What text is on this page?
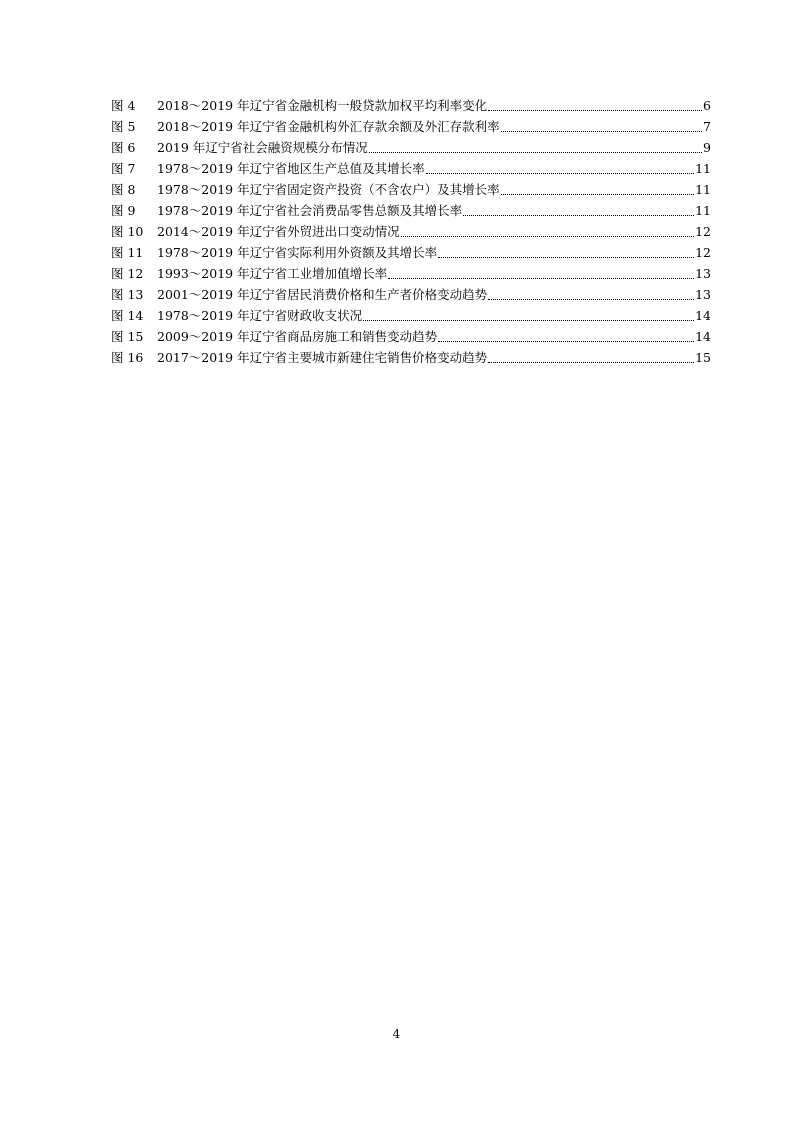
图 4	2018～2019 年辽宁省金融机构一般贷款加权平均利率变化	6
图 5	2018～2019 年辽宁省金融机构外汇存款余额及外汇存款利率	7
图 6	2019 年辽宁省社会融资规模分布情况	9
图 7	1978～2019 年辽宁省地区生产总值及其增长率	11
图 8	1978～2019 年辽宁省固定资产投资（不含农户）及其增长率	11
图 9	1978～2019 年辽宁省社会消费品零售总额及其增长率	11
图 10	2014～2019 年辽宁省外贸进出口变动情况	12
图 11	1978～2019 年辽宁省实际利用外资额及其增长率	12
图 12	1993～2019 年辽宁省工业增加值增长率	13
图 13	2001～2019 年辽宁省居民消费价格和生产者价格变动趋势	13
图 14	1978～2019 年辽宁省财政收支状况	14
图 15	2009～2019 年辽宁省商品房施工和销售变动趋势	14
图 16	2017～2019 年辽宁省主要城市新建住宅销售价格变动趋势	15
4
